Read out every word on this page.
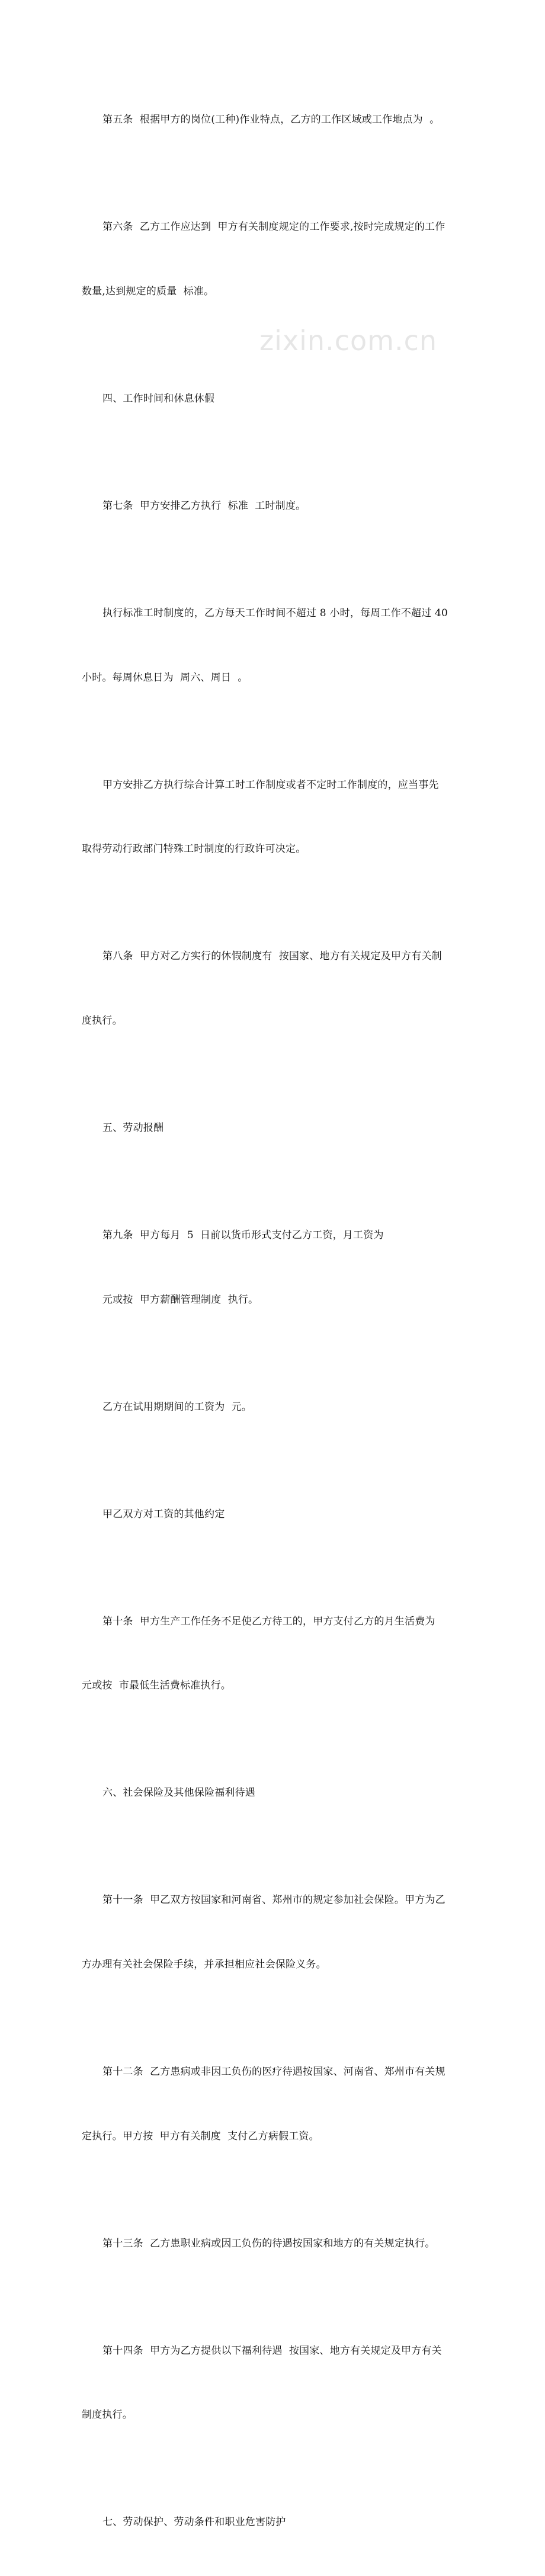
zixin.com.cn

第五条  根据甲方的岗位(工种)作业特点，乙方的工作区域或工作地点为  。

第六条  乙方工作应达到  甲方有关制度规定的工作要求,按时完成规定的工作

数量,达到规定的质量  标准。

四、工作时间和休息休假

第七条  甲方安排乙方执行  标准  工时制度。

执行标准工时制度的，乙方每天工作时间不超过 8 小时，每周工作不超过 40

小时。每周休息日为  周六、周日  。

甲方安排乙方执行综合计算工时工作制度或者不定时工作制度的，应当事先

取得劳动行政部门特殊工时制度的行政许可决定。

第八条  甲方对乙方实行的休假制度有  按国家、地方有关规定及甲方有关制

度执行。

五、劳动报酬

第九条  甲方每月  5  日前以货币形式支付乙方工资，月工资为

元或按  甲方薪酬管理制度  执行。

乙方在试用期期间的工资为  元。

甲乙双方对工资的其他约定

第十条  甲方生产工作任务不足使乙方待工的，甲方支付乙方的月生活费为

元或按  市最低生活费标准执行。

六、社会保险及其他保险福利待遇

第十一条  甲乙双方按国家和河南省、郑州市的规定参加社会保险。甲方为乙

方办理有关社会保险手续，并承担相应社会保险义务。

第十二条  乙方患病或非因工负伤的医疗待遇按国家、河南省、郑州市有关规

定执行。甲方按  甲方有关制度  支付乙方病假工资。

第十三条  乙方患职业病或因工负伤的待遇按国家和地方的有关规定执行。

第十四条  甲方为乙方提供以下福利待遇  按国家、地方有关规定及甲方有关

制度执行。

七、劳动保护、劳动条件和职业危害防护
